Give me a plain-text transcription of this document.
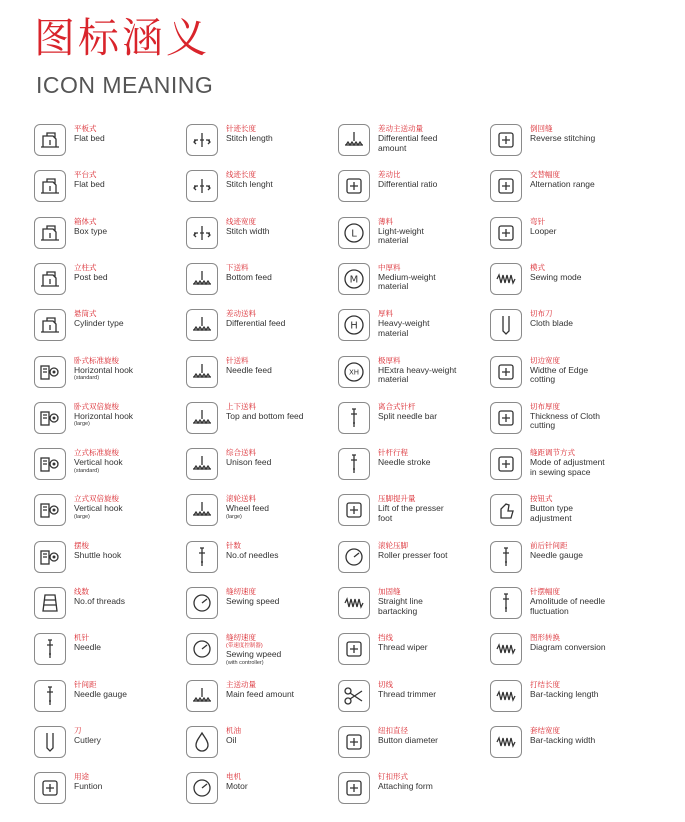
图标涵义
ICON MEANING
平板式
Flat bed
平台式
Flat bed
箱体式
Box type
立柱式
Post bed
悬筒式
Cylinder type
卧式标准旋梭
Horizontal hook
(standard)
卧式双倍旋梭
Horizontal hook
(large)
立式标准旋梭
Vertical hook
(standard)
立式双倍旋梭
Vertical hook
(large)
摆梭
Shuttle hook
线数
No.of threads
机针
Needle
针间距
Needle gauge
刀
Cutlery
用途
Funtion
针迹长度
Stitch length
线迹长度
Stitch lenght
线迹宽度
Stitch width
下送料
Bottom feed
差动送料
Differential feed
针送料
Needle feed
上下送料
Top and bottom feed
综合送料
Unison feed
滚轮送料
Wheel feed
(large)
针数
No.of needles
缝纫速度
Sewing speed
缝纫速度
(带速度控制器)
Sewing wpeed
(with controller)
主送动量
Main feed amount
机油
Oil
电机
Motor
差动主送动量
Differential feed
amount
差动比
Differential ratio
L
薄料
Light-weight
material
M
中厚料
Medium-weight
material
H
厚料
Heavy-weight
material
XH
极厚料
HExtra heavy-weight
material
离合式针杆
Split needle bar
针杆行程
Needle stroke
压脚提升量
Lift of the presser
foot
滚轮压脚
Roller presser foot
加固缝
Straight line
bartacking
挡线
Thread wiper
切线
Thread trimmer
纽扣直径
Button diameter
钉扣形式
Attaching form
倒回缝
Reverse stitching
交替幅度
Alternation range
弯针
Looper
模式
Sewing mode
切布刀
Cloth blade
切边宽度
Widthe of Edge
cotting
切布厚度
Thickness of Cloth
cutting
缝距调节方式
Mode of adjustment
in sewing space
按钮式
Button type
adjustment
前后针间距
Needle gauge
针摆幅度
Amolitude of needle
fluctuation
图形转换
Diagram conversion
打结长度
Bar-tacking length
套结宽度
Bar-tacking width
